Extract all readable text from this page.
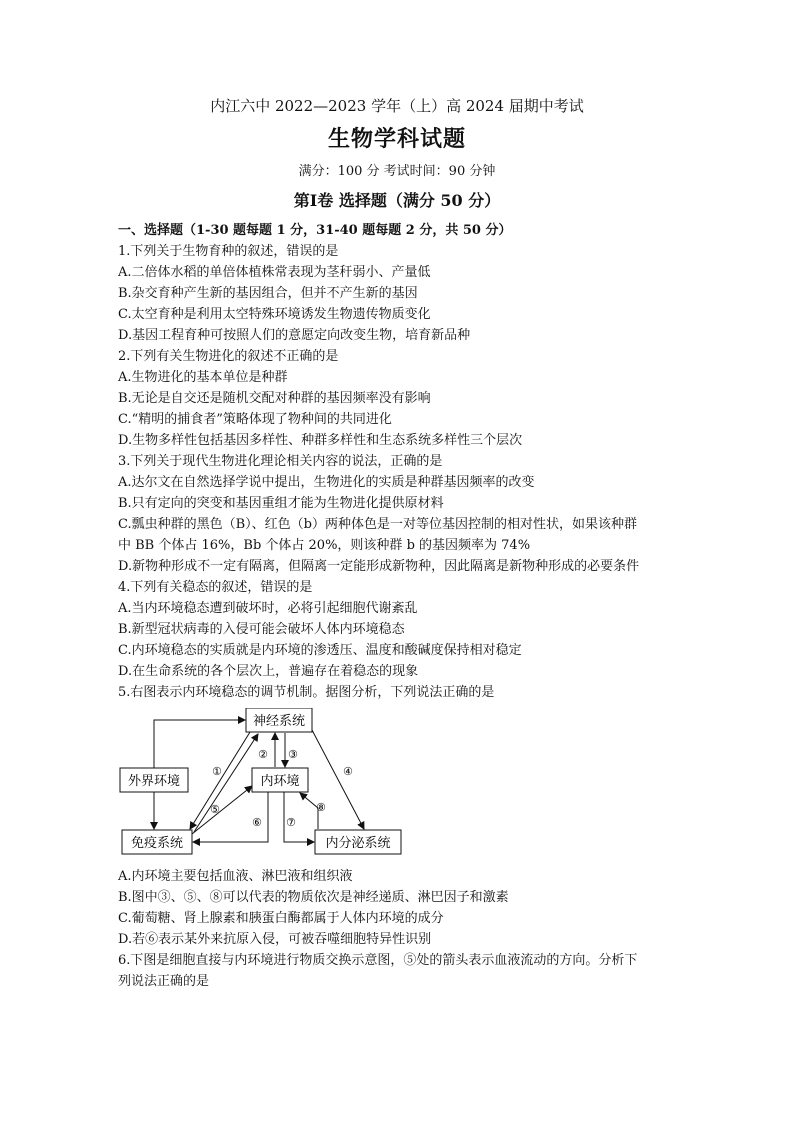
内江六中 2022—2023 学年（上）高 2024 届期中考试
生物学科试题
满分：100 分 考试时间：90 分钟
第Ⅰ卷 选择题（满分 50 分）
一、选择题（1-30 题每题 1 分，31-40 题每题 2 分，共 50 分）
1.下列关于生物育种的叙述，错误的是
A.二倍体水稻的单倍体植株常表现为茎秆弱小、产量低
B.杂交育种产生新的基因组合，但并不产生新的基因
C.太空育种是利用太空特殊环境诱发生物遗传物质变化
D.基因工程育种可按照人们的意愿定向改变生物，培育新品种
2.下列有关生物进化的叙述不正确的是
A.生物进化的基本单位是种群
B.无论是自交还是随机交配对种群的基因频率没有影响
C.“精明的捕食者”策略体现了物种间的共同进化
D.生物多样性包括基因多样性、种群多样性和生态系统多样性三个层次
3.下列关于现代生物进化理论相关内容的说法，正确的是
A.达尔文在自然选择学说中提出，生物进化的实质是种群基因频率的改变
B.只有定向的突变和基因重组才能为生物进化提供原材料
C.瓢虫种群的黑色（B）、红色（b）两种体色是一对等位基因控制的相对性状，如果该种群
中 BB 个体占 16%，Bb 个体占 20%，则该种群 b 的基因频率为 74%
D.新物种形成不一定有隔离，但隔离一定能形成新物种，因此隔离是新物种形成的必要条件
4.下列有关稳态的叙述，错误的是
A.当内环境稳态遭到破坏时，必将引起细胞代谢紊乱
B.新型冠状病毒的入侵可能会破坏人体内环境稳态
C.内环境稳态的实质就是内环境的渗透压、温度和酸碱度保持相对稳定
D.在生命系统的各个层次上，普遍存在着稳态的现象
5.右图表示内环境稳态的调节机制。据图分析，下列说法正确的是
神经系统
外界环境	内环境
免疫系统	内分泌系统
①
② ③
④
⑤
⑥ ⑦
⑧
A.内环境主要包括血液、淋巴液和组织液
B.图中③、⑤、⑧可以代表的物质依次是神经递质、淋巴因子和激素
C.葡萄糖、肾上腺素和胰蛋白酶都属于人体内环境的成分
D.若⑥表示某外来抗原入侵，可被吞噬细胞特异性识别
6.下图是细胞直接与内环境进行物质交换示意图，⑤处的箭头表示血液流动的方向。分析下
列说法正确的是
